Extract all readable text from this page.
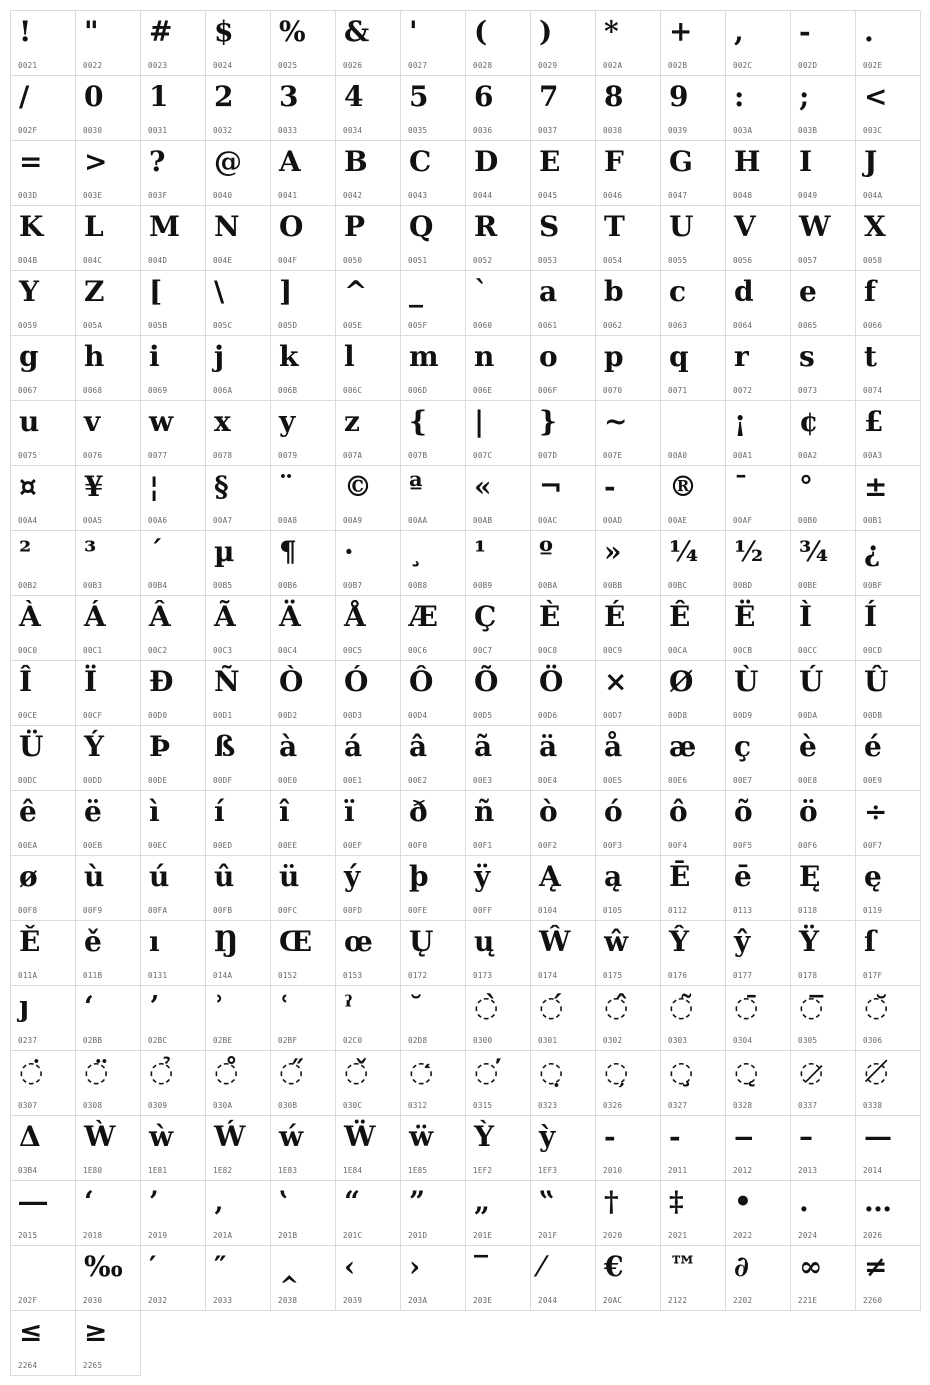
!
0021
"
0022
#
0023
$
0024
%
0025
&
0026
'
0027
(
0028
)
0029
*
002A
+
002B
,
002C
-
002D
.
002E
/
002F
0
0030
1
0031
2
0032
3
0033
4
0034
5
0035
6
0036
7
0037
8
0038
9
0039
:
003A
;
003B
<
003C
=
003D
>
003E
?
003F
@
0040
A
0041
B
0042
C
0043
D
0044
E
0045
F
0046
G
0047
H
0048
I
0049
J
004A
K
004B
L
004C
M
004D
N
004E
O
004F
P
0050
Q
0051
R
0052
S
0053
T
0054
U
0055
V
0056
W
0057
X
0058
Y
0059
Z
005A
[
005B
\
005C
]
005D
^
005E
_
005F
`
0060
a
0061
b
0062
c
0063
d
0064
e
0065
f
0066
g
0067
h
0068
i
0069
j
006A
k
006B
l
006C
m
006D
n
006E
o
006F
p
0070
q
0071
r
0072
s
0073
t
0074
u
0075
v
0076
w
0077
x
0078
y
0079
z
007A
{
007B
|
007C
}
007D
~
007E
	00A0
¡
00A1
¢
00A2
£
00A3
¤
00A4
¥
00A5
¦
00A6
§
00A7
¨
00A8
©
00A9
ª
00AA
«
00AB
¬
00AC
-
00AD
®
00AE
¯
00AF
°
00B0
±
00B1
²
00B2
³
00B3
´
00B4
µ
00B5
¶
00B6
·
00B7
¸
00B8
¹
00B9
º
00BA
»
00BB
¼
00BC
½
00BD
¾
00BE
¿
00BF
À
00C0
Á
00C1
Â
00C2
Ã
00C3
Ä
00C4
Å
00C5
Æ
00C6
Ç
00C7
È
00C8
É
00C9
Ê
00CA
Ë
00CB
Ì
00CC
Í
00CD
Î
00CE
Ï
00CF
Ð
00D0
Ñ
00D1
Ò
00D2
Ó
00D3
Ô
00D4
Õ
00D5
Ö
00D6
×
00D7
Ø
00D8
Ù
00D9
Ú
00DA
Û
00DB
Ü
00DC
Ý
00DD
Þ
00DE
ß
00DF
à
00E0
á
00E1
â
00E2
ã
00E3
ä
00E4
å
00E5
æ
00E6
ç
00E7
è
00E8
é
00E9
ê
00EA
ë
00EB
ì
00EC
í
00ED
î
00EE
ï
00EF
ð
00F0
ñ
00F1
ò
00F2
ó
00F3
ô
00F4
õ
00F5
ö
00F6
÷
00F7
ø
00F8
ù
00F9
ú
00FA
û
00FB
ü
00FC
ý
00FD
þ
00FE
ÿ
00FF
Ą
0104
ą
0105
Ē
0112
ē
0113
Ę
0118
ę
0119
Ě
011A
ě
011B
ı
0131
Ŋ
014A
Œ
0152
œ
0153
Ų
0172
ų
0173
Ŵ
0174
ŵ
0175
Ŷ
0176
ŷ
0177
Ÿ
0178
ſ
017F
ȷ
0237
ʻ
02BB
ʼ
02BC
ʾ
02BE
ʿ
02BF
ˀ
02C0
˘
02D8
◌̀
0300
◌́
0301
◌̂
0302
◌̃
0303
◌̄
0304
◌̅
0305
◌̆
0306
◌̇
0307
◌̈
0308
◌̉
0309
◌̊
030A
◌̋
030B
◌̌
030C
◌̒
0312
◌̕
0315
◌̣
0323
◌̦
0326
◌̧
0327
◌̨
0328
◌̷
0337
◌̸
0338
Δ
03B4
Ẁ
1E80
ẁ
1E81
Ẃ
1E82
ẃ
1E83
Ẅ
1E84
ẅ
1E85
Ỳ
1EF2
ỳ
1EF3
‐
2010
‑
2011
‒
2012
–
2013
—
2014
―
2015
‘
2018
’
2019
‚
201A
‛
201B
“
201C
”
201D
„
201E
‟
201F
†
2020
‡
2021
•
2022
․
2024
…
2026

202F
‰
2030
′
2032
″
2033
‸
2038
‹
2039
›
203A
‾
203E
⁄
2044
€
20AC
™
2122
∂
2202
∞
221E
≠
2260
≤
2264
≥
2265
